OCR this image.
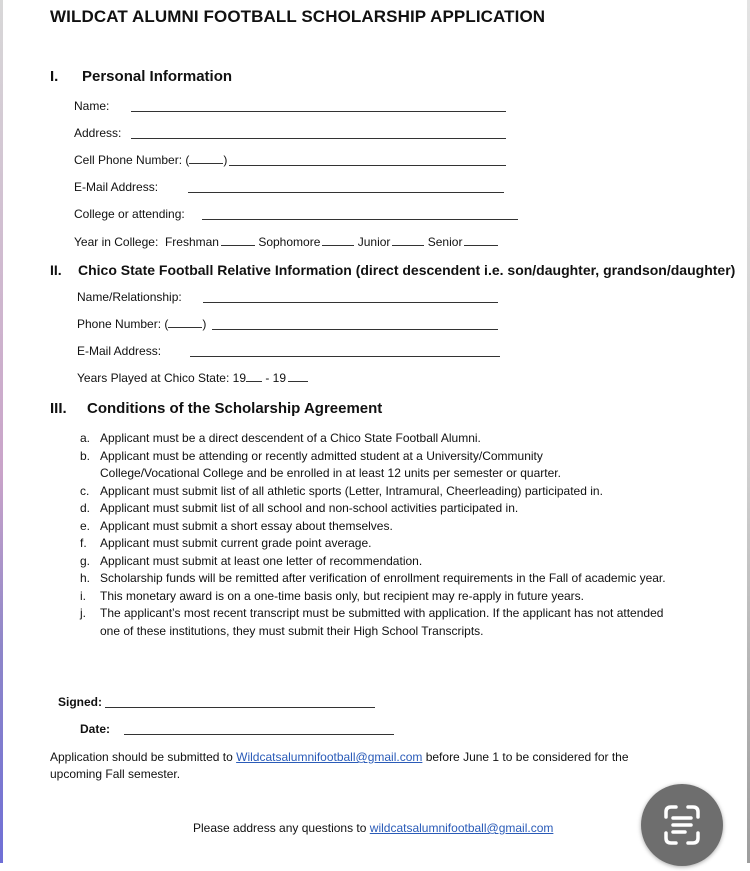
WILDCAT ALUMNI FOOTBALL SCHOLARSHIP APPLICATION
I. Personal Information
Name:
Address:
Cell Phone Number: (	)
E-Mail Address:
College or attending:
Year in College: Freshman	Sophomore	Junior	Senior
II. Chico State Football Relative Information (direct descendent i.e. son/daughter, grandson/daughter)
Name/Relationship:
Phone Number: (	)
E-Mail Address:
Years Played at Chico State: 19 - 19
III. Conditions of the Scholarship Agreement
a. Applicant must be a direct descendent of a Chico State Football Alumni.
b. Applicant must be attending or recently admitted student at a University/Community
College/Vocational College and be enrolled in at least 12 units per semester or quarter.
c. Applicant must submit list of all athletic sports (Letter, Intramural, Cheerleading) participated in.
d. Applicant must submit list of all school and non-school activities participated in.
e. Applicant must submit a short essay about themselves.
f. Applicant must submit current grade point average.
g. Applicant must submit at least one letter of recommendation.
h. Scholarship funds will be remitted after verification of enrollment requirements in the Fall of academic year.
i. This monetary award is on a one-time basis only, but recipient may re-apply in future years.
j. The applicant’s most recent transcript must be submitted with application. If the applicant has not attended
one of these institutions, they must submit their High School Transcripts.
Signed:
Date:
Application should be submitted to Wildcatsalumnifootball@gmail.com before June 1 to be considered for the
upcoming Fall semester.
Please address any questions to wildcatsalumnifootball@gmail.com
